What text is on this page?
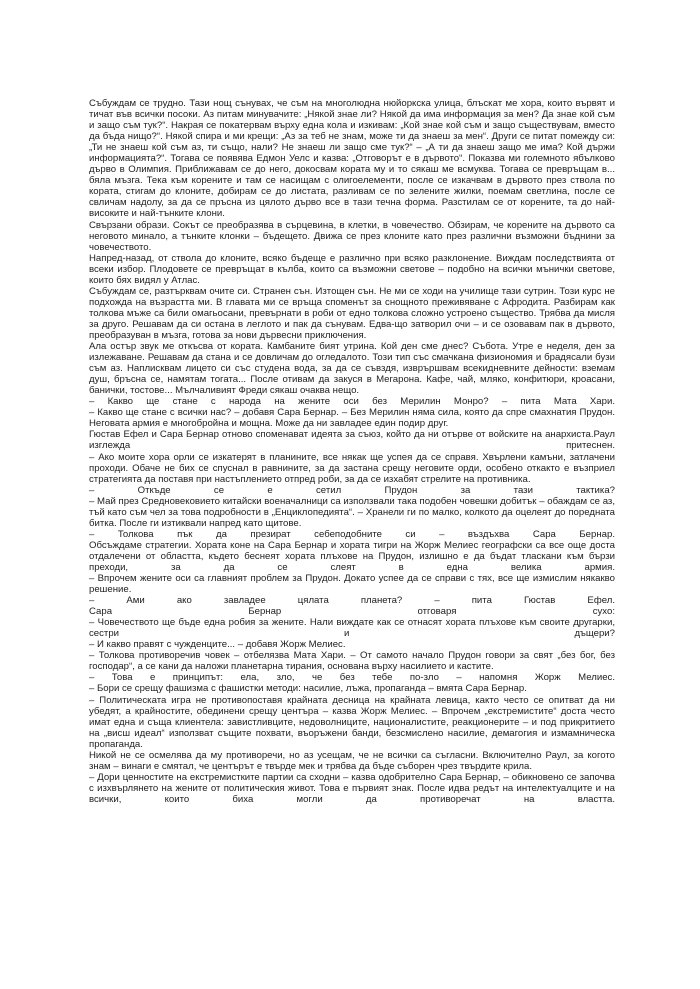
Събуждам се трудно. Тази нощ сънувах, че съм на многолюдна нюйоркска улица, блъскат ме хора, които вървят и тичат във всички посоки. Аз питам минувачите: „Някой знае ли? Някой да има информация за мен? Да знае кой съм и защо съм тук?“. Накрая се покатервам върху една кола и изкивам: „Кой знае кой съм и защо съществувам, вместо да бъда нищо?“. Някой спира и ми крещи: „Аз за теб не знам, може ти да знаеш за мен“. Други се питат помежду си: „Ти не знаеш кой съм аз, ти също, нали? Не знаеш ли защо сме тук?“ – „А ти да знаеш защо ме има? Кой държи информацията?“. Тогава се появява Едмон Уелс и казва: „Отговорът е в дървото“. Показва ми големното ябълково дърво в Олимпия. Приближавам се до него, докосвам кората му и то сякаш ме всмуква. Тогава се превръщам в... бяла мъзга. Тека към корените и там се насищам с олигоелементи, после се изкачвам в дървото през ствола по кората, стигам до клоните, добирам се до листата, разливам се по зелените жилки, поемам светлина, после се свличам надолу, за да се пръсна из цялото дърво все в тази течна форма. Разстилам се от корените, та до най-високите и най-тънките клони.

Свързани образи. Сокът се преобразява в сърцевина, в клетки, в човечество. Обзирам, че корените на дървото са неговото минало, а тънките клонки – бъдещето. Движа се през клоните като през различни възможни бъднини за човечеството.

Напред-назад, от ствола до клоните, всяко бъдеще е различно при всяко разклонение. Виждам последствията от всеки избор. Плодовете се превръщат в кълба, които са възможни светове – подобно на всички мънички светове, които бях видял у Атлас.

Събуждам се, разтърквам очите си. Странен сън. Изтощен сън. Не ми се ходи на училище тази сутрин. Този курс не подхожда на възрастта ми. В главата ми се връща споменът за снощното преживяване с Афродита. Разбирам как толкова мъже са били омагьосани, превърнати в роби от едно толкова сложно устроено същество. Трябва да мисля за друго. Решавам да си остана в леглото и пак да сънувам. Едва-що затворил очи – и се озовавам пак в дървото, преобразуван в мъзга, готова за нови дървесни приключения.

Ала остър звук ме откъсва от кората. Камбаните бият утрина. Кой ден сме днес? Събота. Утре е неделя, ден за излежаване. Решавам да стана и се довличам до огледалото. Този тип със смачкана физиономия и брадясали бузи съм аз. Наплисквам лицето си със студена вода, за да се съвздя, изврършвам всекидневните дейности: вземам душ, бръсна се, намятам тогата... После отивам да закуся в Мегарона. Кафе, чай, мляко, конфитюри, кроасани, банички, тостове... Мълчаливият Фреди сякаш очаква нещо.

– Какво ще стане с народа на жените оси без Мерилин Монро? – пита Мата Хари.

– Какво ще стане с всички нас? – добавя Сара Бернар. – Без Мерилин няма сила, която да спре смахнатия Прудон. Неговата армия е многобройна и мощна. Може да ни завладее един подир друг.

Гюстав Ефел и Сара Бернар отново споменават идеята за съюз, който да ни отърве от войските на анархиста.Раул изглежда притеснен.

– Ако моите хора орли се изкатерят в планините, все някак ще успея да се справя. Хвърлени камъни, затлачени проходи. Обаче не бих се спуснал в равнините, за да застана срещу неговите орди, особено откакто е възприел стратегията да поставя при настъплението отпред роби, за да се изхабят стрелите на противника.

– Откъде се е сетил Прудон за тази тактика?

– Май през Средновековието китайски военачалници са използвали така подобен човешки добитък – обаждам се аз, тъй като съм чел за това подробности в „Енциклопедията“. – Хранели ги по малко, колкото да оцелеят до поредната битка. После ги изтиквали напред като щитове.

– Толкова пък да презират себеподобните си – въздъхва Сара Бернар.

Обсъждаме стратегии. Хората коне на Сара Бернар и хората тигри на Жорж Мелиес географски са все още доста отдалечени от областта, където беснеят хората плъхове на Прудон, излишно е да бъдат тласкани към бързи преходи, за да се слеят в една велика армия.

– Впрочем жените оси са главният проблем за Прудон. Докато успее да се справи с тях, все ще измислим някакво решение.

– Ами ако завладее цялата планета? – пита Гюстав Ефел.

Сара Бернар отговаря сухо:

– Човечеството ще бъде една робия за жените. Нали виждате как се отнасят хората плъхове към своите другарки, сестри и дъщери?

– И какво правят с чужденците... – добавя Жорж Мелиес.

– Толкова противоречив човек – отбелязва Мата Хари. – От самото начало Прудон говори за свят „без бог, без господар“, а се кани да наложи планетарна тирания, основана върху насилието и кастите.

– Това е принципът: ела, зло, че без тебе по-зло – напомня Жорж Мелиес.

– Бори се срещу фашизма с фашистки методи: насилие, лъжа, пропаганда – вмята Сара Бернар.

– Политическата игра не противопоставя крайната десница на крайната левица, както често се опитват да ни убедят, а крайностите, обединени срещу центъра – казва Жорж Мелиес. – Впрочем „екстремистите“ доста често имат една и съща клиентела: завистливците, недоволниците, националистите, реакционерите – и под прикритието на „висш идеал“ използват същите похвати, въоръжени банди, безсмислено насилие, демагогия и измамническа пропаганда.

Никой не се осмелява да му противоречи, но аз усещам, че не всички са съгласни. Включително Раул, за когото знам – винаги е смятал, че центърът е твърде мек и трябва да бъде съборен чрез твърдите крила.

– Дори ценностите на екстремистките партии са сходни – казва одобрително Сара Бернар, – обикновено се започва с изхвърлянето на жените от политическия живот. Това е първият знак. После идва редът на интелектуалците и на всички, които биха могли да противоречат на властта.
